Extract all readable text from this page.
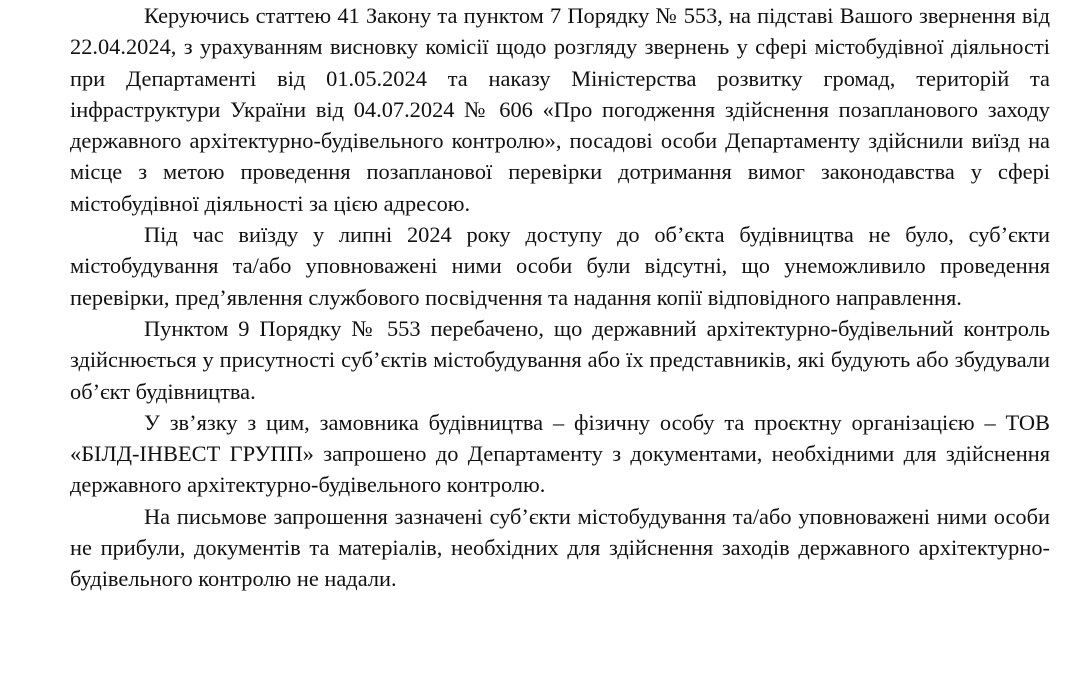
Керуючись статтею 41 Закону та пунктом 7 Порядку № 553, на підставі Вашого звернення від 22.04.2024, з урахуванням висновку комісії щодо розгляду звернень у сфері містобудівної діяльності при Департаменті від 01.05.2024 та наказу Міністерства розвитку громад, територій та інфраструктури України від 04.07.2024 № 606 «Про погодження здійснення позапланового заходу державного архітектурно-будівельного контролю», посадові особи Департаменту здійснили виїзд на місце з метою проведення позапланової перевірки дотримання вимог законодавства у сфері містобудівної діяльності за цією адресою.

Під час виїзду у липні 2024 року доступу до об’єкта будівництва не було, суб’єкти містобудування та/або уповноважені ними особи були відсутні, що унеможливило проведення перевірки, пред’явлення службового посвідчення та надання копії відповідного направлення.

Пунктом 9 Порядку № 553 перебачено, що державний архітектурно-будівельний контроль здійснюється у присутності суб’єктів містобудування або їх представників, які будують або збудували об’єкт будівництва.

У зв’язку з цим, замовника будівництва – фізичну особу та проєктну організацією – ТОВ «БІЛД-ІНВЕСТ ГРУПП» запрошено до Департаменту з документами, необхідними для здійснення державного архітектурно-будівельного контролю.

На письмове запрошення зазначені суб’єкти містобудування та/або уповноважені ними особи не прибули, документів та матеріалів, необхідних для здійснення заходів державного архітектурно-будівельного контролю не надали.
